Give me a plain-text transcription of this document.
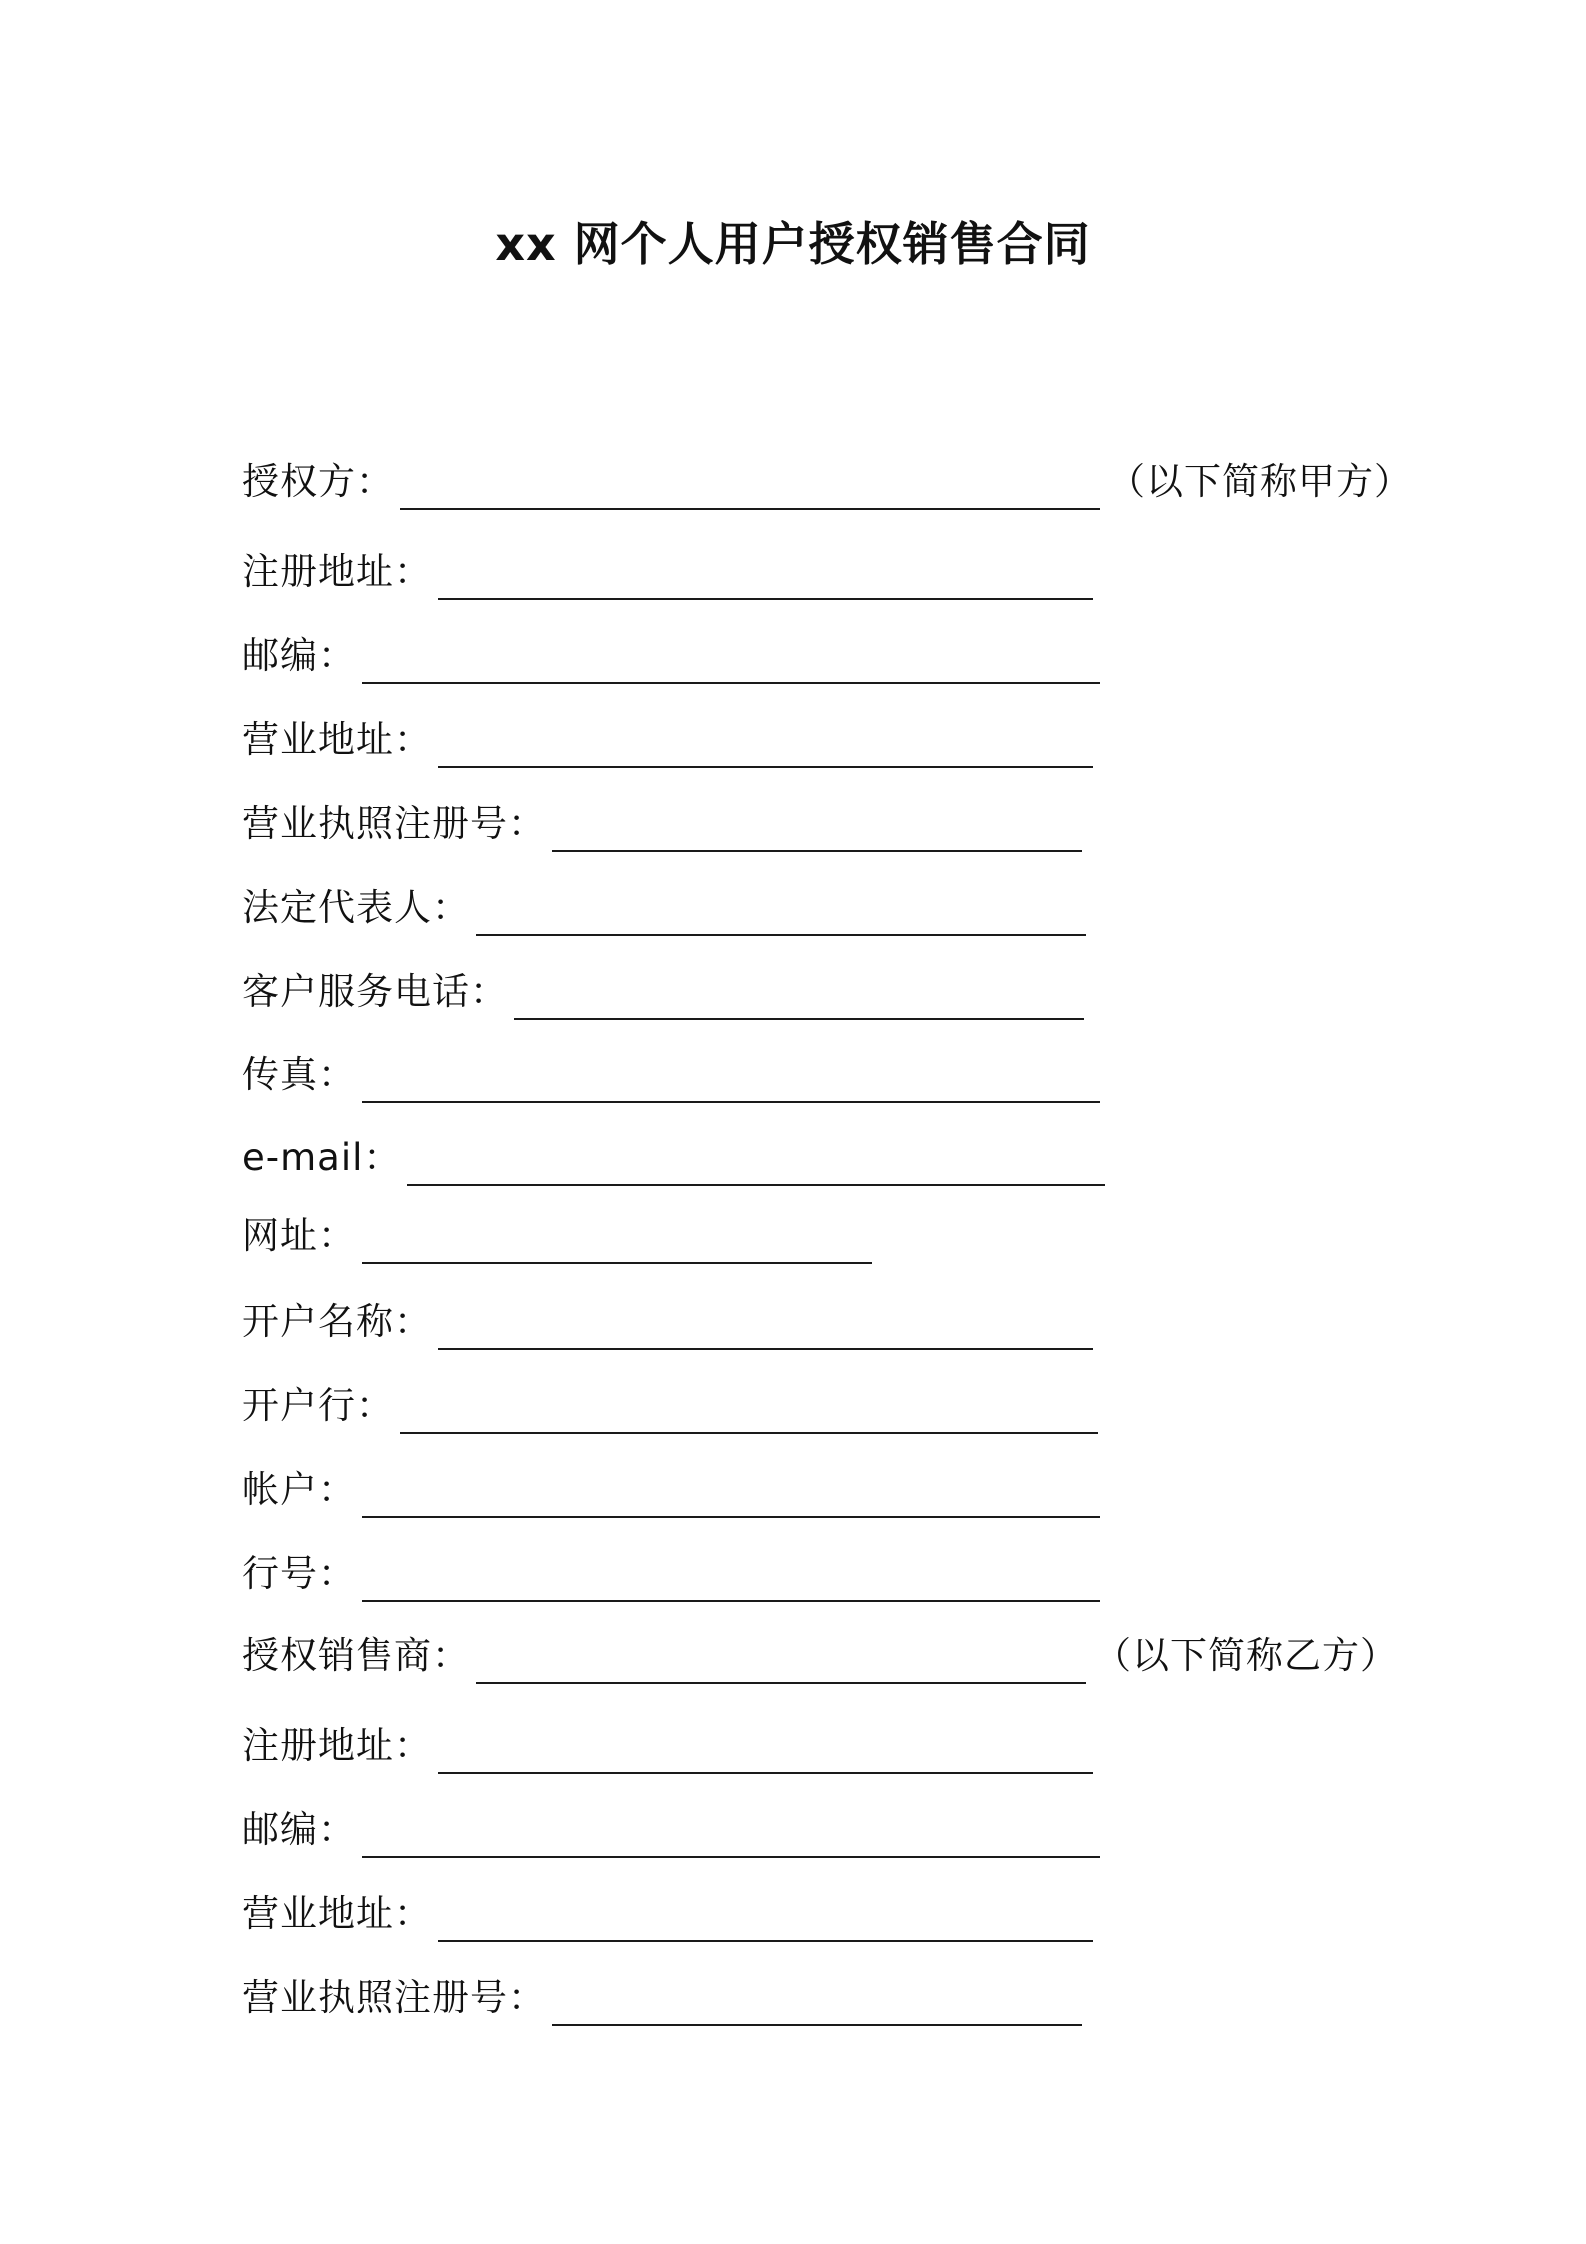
xx 网个人用户授权销售合同
授权方：	（以下简称甲方）
注册地址：
邮编：
营业地址：
营业执照注册号：
法定代表人：
客户服务电话：
传真：
e-mail：
网址：
开户名称：
开户行：
帐户：
行号：
授权销售商：	（以下简称乙方）
注册地址：
邮编：
营业地址：
营业执照注册号：
